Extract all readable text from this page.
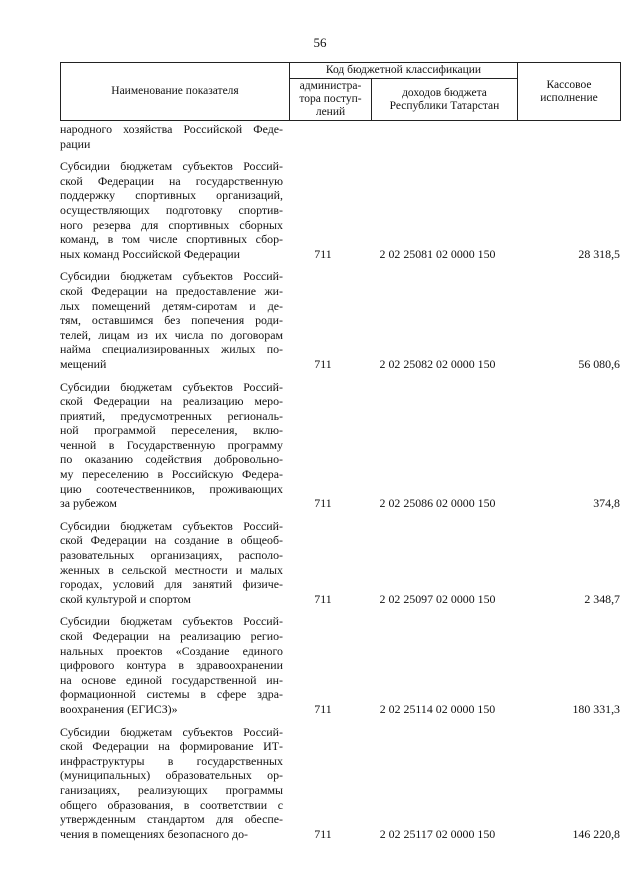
56
Наименование показателя	Код бюджетной классификации		Кассовое
исполнение
	администра-
тора поступ-
лений	доходов бюджета
Республики Татарстан	
народного хозяйства Российской Феде-
рации
Субсидии бюджетам субъектов Россий-
ской Федерации на государственную
поддержку спортивных организаций,
осуществляющих подготовку спортив-
ного резерва для спортивных сборных
команд, в том числе спортивных сбор-
ных команд Российской Федерации	711	2 02 25081 02 0000 150	28 318,5
Субсидии бюджетам субъектов Россий-
ской Федерации на предоставление жи-
лых помещений детям-сиротам и де-
тям, оставшимся без попечения роди-
телей, лицам из их числа по договорам
найма специализированных жилых по-
мещений	711	2 02 25082 02 0000 150	56 080,6
Субсидии бюджетам субъектов Россий-
ской Федерации на реализацию меро-
приятий, предусмотренных региональ-
ной программой переселения, вклю-
ченной в Государственную программу
по оказанию содействия добровольно-
му переселению в Российскую Федера-
цию соотечественников, проживающих
за рубежом	711	2 02 25086 02 0000 150	374,8
Субсидии бюджетам субъектов Россий-
ской Федерации на создание в общеоб-
разовательных организациях, располо-
женных в сельской местности и малых
городах, условий для занятий физиче-
ской культурой и спортом	711	2 02 25097 02 0000 150	2 348,7
Субсидии бюджетам субъектов Россий-
ской Федерации на реализацию регио-
нальных проектов «Создание единого
цифрового контура в здравоохранении
на основе единой государственной ин-
формационной системы в сфере здра-
воохранения (ЕГИСЗ)»	711	2 02 25114 02 0000 150	180 331,3
Субсидии бюджетам субъектов Россий-
ской Федерации на формирование ИТ-
инфраструктуры в государственных
(муниципальных) образовательных ор-
ганизациях, реализующих программы
общего образования, в соответствии с
утвержденным стандартом для обеспе-
чения в помещениях безопасного до-	711	2 02 25117 02 0000 150	146 220,8
